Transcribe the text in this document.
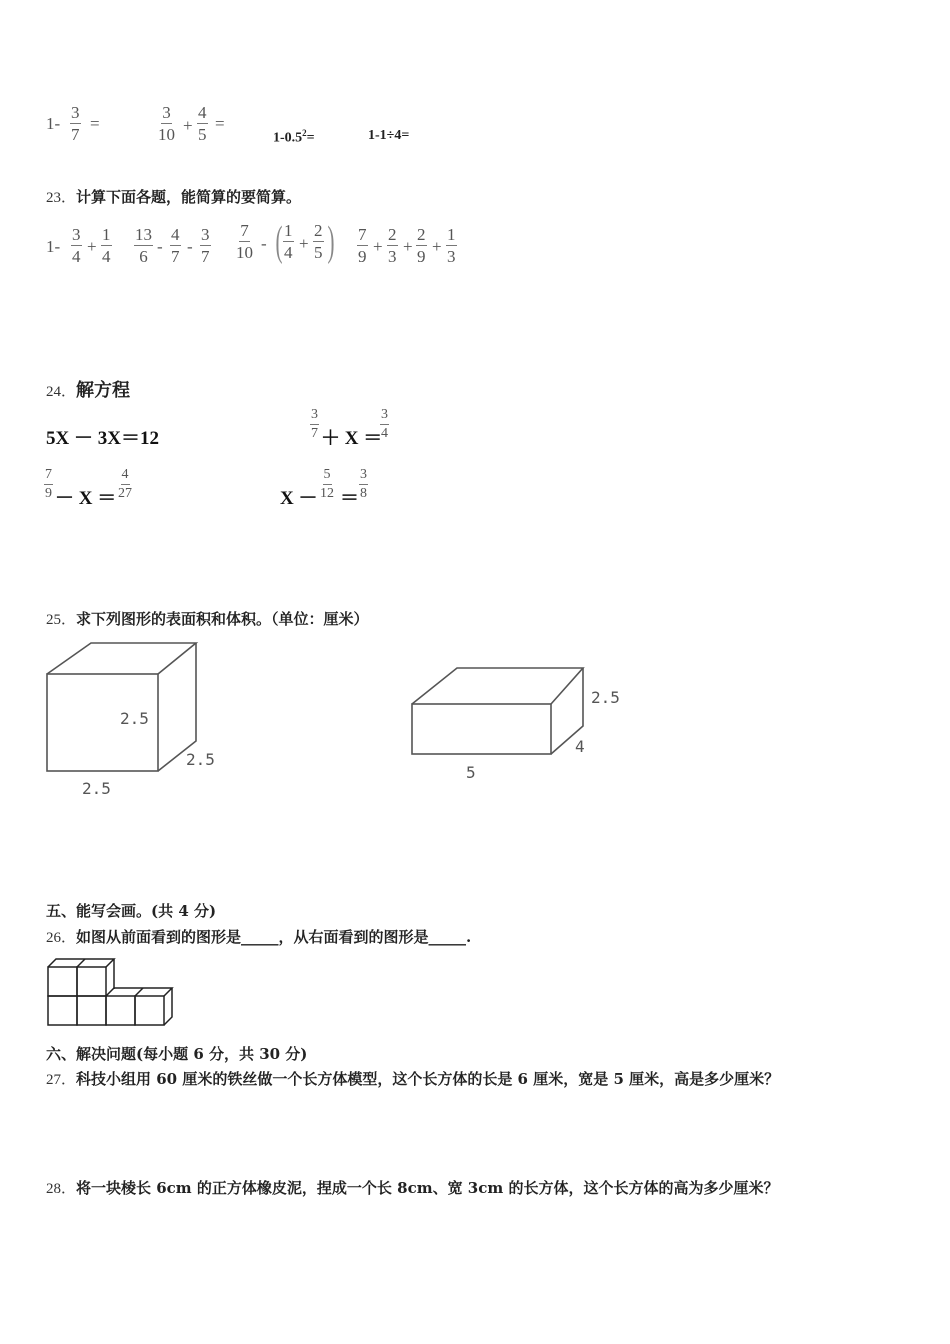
$1- \frac{3}{7}$ =	$\frac{3}{10} + \frac{4}{5}$ =
$1-0.5^2=$	1-1÷4=
23．计算下面各题，能简算的要简算。
$1- \frac{3}{4} + \frac{1}{4} \frac{13}{6} - \frac{4}{7} - \frac{3}{7} \frac{7}{10}$ - ( $\frac{1}{4} + \frac{2}{5}$ ) $\frac{7}{9} + \frac{2}{3} + \frac{2}{9} + \frac{1}{3}$
24．解方程
5X － 3X＝12	$\frac{3}{7} + X$ ＝
$\frac{3}{4}$
$\frac{7}{9} - X = \frac{4}{27}$	$X - \frac{5}{12} = \frac{3}{8}$
25．求下列图形的表面积和体积。（单位：厘米）
2.5
2.5
2.5
2.5
4
5
五、能写会画。(共 4 分)
26．如图从前面看到的图形是_____，从右面看到的图形是_____.
六、解决问题(每小题 6 分，共 30 分)
27．科技小组用 60 厘米的铁丝做一个长方体模型，这个长方体的长是 6 厘米，宽是 5 厘米，高是多少厘米？
28．将一块棱长 6cm 的正方体橡皮泥，捏成一个长 8cm、宽 3cm 的长方体，这个长方体的高为多少厘米？
